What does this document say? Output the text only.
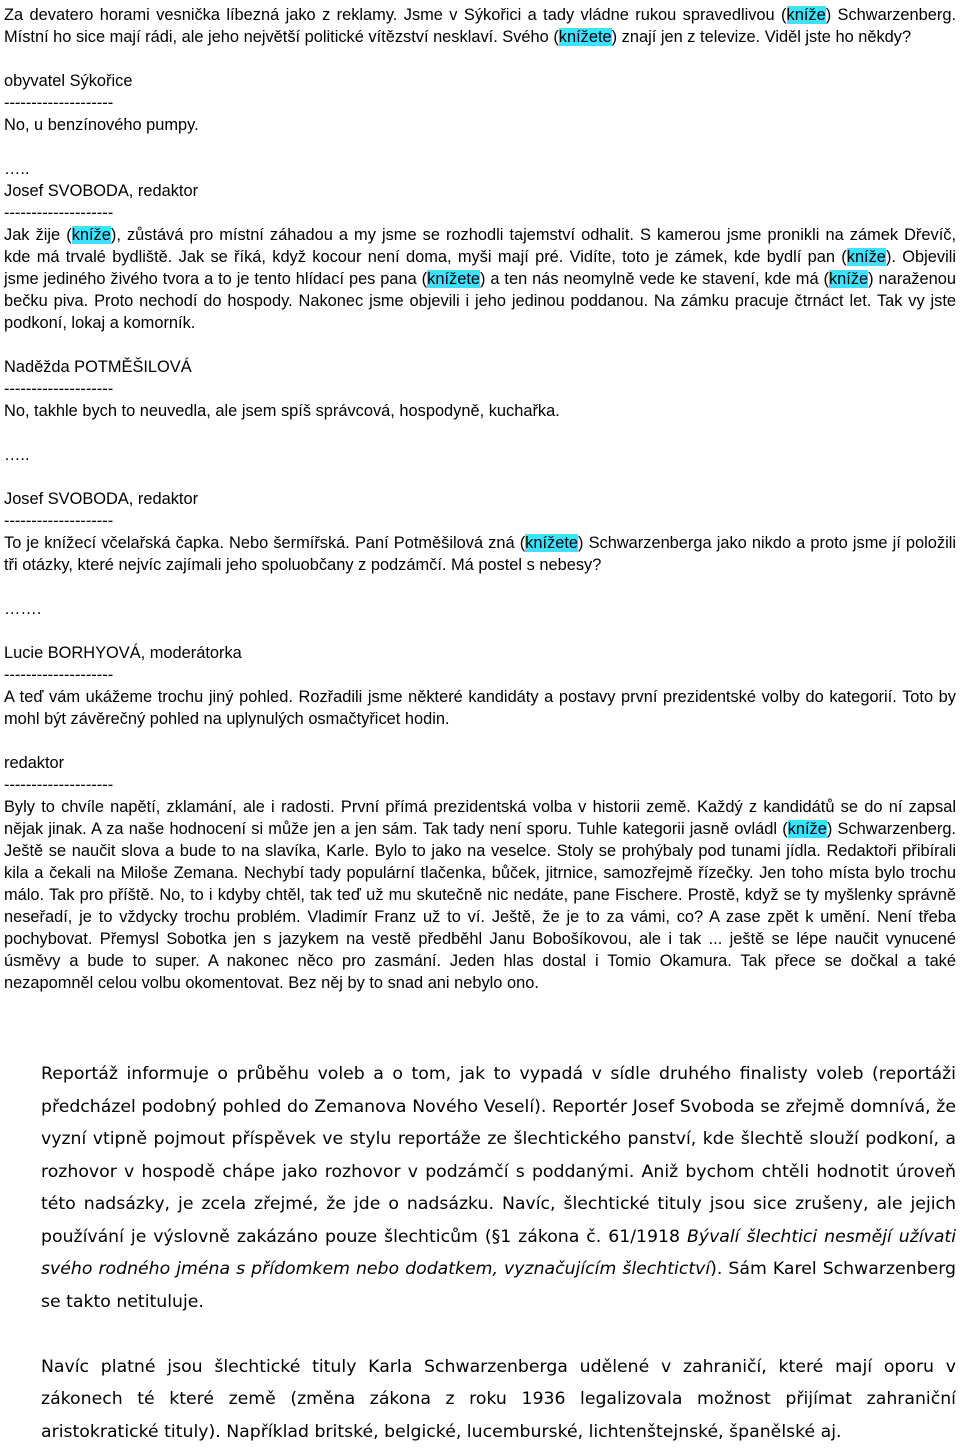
Za devatero horami vesnička líbezná jako z reklamy. Jsme v Sýkořici a tady vládne rukou spravedlivou (kníže) Schwarzenberg. Místní ho sice mají rádi, ale jeho největší politické vítězství nesklaví. Svého (knížete) znají jen z televize. Viděl jste ho někdy?

obyvatel Sýkořice

--------------------

No, u benzínového pumpy.

…..

Josef SVOBODA, redaktor

--------------------

Jak žije (kníže), zůstává pro místní záhadou a my jsme se rozhodli tajemství odhalit. S kamerou jsme pronikli na zámek Dřevíč, kde má trvalé bydliště. Jak se říká, když kocour není doma, myši mají pré. Vidíte, toto je zámek, kde bydlí pan (kníže). Objevili jsme jediného živého tvora a to je tento hlídací pes pana (knížete) a ten nás neomylně vede ke stavení, kde má (kníže) naraženou bečku piva. Proto nechodí do hospody. Nakonec jsme objevili i jeho jedinou poddanou. Na zámku pracuje čtrnáct let. Tak vy jste podkoní, lokaj a komorník.

Naděžda POTMĚŠILOVÁ

--------------------

No, takhle bych to neuvedla, ale jsem spíš správcová, hospodyně, kuchařka.

…..

Josef SVOBODA, redaktor

--------------------

To je knížecí včelařská čapka. Nebo šermířská. Paní Potměšilová zná (knížete) Schwarzenberga jako nikdo a proto jsme jí položili tři otázky, které nejvíc zajímali jeho spoluobčany z podzámčí. Má postel s nebesy?

…….

Lucie BORHYOVÁ, moderátorka

--------------------

A teď vám ukážeme trochu jiný pohled. Rozřadili jsme některé kandidáty a postavy první prezidentské volby do kategorií. Toto by mohl být závěrečný pohled na uplynulých osmačtyřicet hodin.

redaktor

--------------------

Byly to chvíle napětí, zklamání, ale i radosti. První přímá prezidentská volba v historii země. Každý z kandidátů se do ní zapsal nějak jinak. A za naše hodnocení si může jen a jen sám. Tak tady není sporu. Tuhle kategorii jasně ovládl (kníže) Schwarzenberg. Ještě se naučit slova a bude to na slavíka, Karle. Bylo to jako na veselce. Stoly se prohýbaly pod tunami jídla. Redaktoři přibírali kila a čekali na Miloše Zemana. Nechybí tady populární tlačenka, bůček, jitrnice, samozřejmě řízečky. Jen toho místa bylo trochu málo. Tak pro příště. No, to i kdyby chtěl, tak teď už mu skutečně nic nedáte, pane Fischere. Prostě, když se ty myšlenky správně neseřadí, je to vždycky trochu problém. Vladimír Franz už to ví. Ještě, že je to za vámi, co? A zase zpět k umění. Není třeba pochybovat. Přemysl Sobotka jen s jazykem na vestě předběhl Janu Bobošíkovou, ale i tak ... ještě se lépe naučit vynucené úsměvy a bude to super. A nakonec něco pro zasmání. Jeden hlas dostal i Tomio Okamura. Tak přece se dočkal a také nezapomněl celou volbu okomentovat. Bez něj by to snad ani nebylo ono.

Reportáž informuje o průběhu voleb a o tom, jak to vypadá v sídle druhého finalisty voleb (reportáži předcházel podobný pohled do Zemanova Nového Veselí). Reportér Josef Svoboda se zřejmě domnívá, že vyzní vtipně pojmout příspěvek ve stylu reportáže ze šlechtického panství, kde šlechtě slouží podkoní, a rozhovor v hospodě chápe jako rozhovor v podzámčí s poddanými. Aniž bychom chtěli hodnotit úroveň této nadsázky, je zcela zřejmé, že jde o nadsázku. Navíc, šlechtické tituly jsou sice zrušeny, ale jejich používání je výslovně zakázáno pouze šlechticům (§1 zákona č. 61/1918 Bývalí šlechtici nesmějí užívati svého rodného jména s přídomkem nebo dodatkem, vyznačujícím šlechtictví). Sám Karel Schwarzenberg se takto netituluje.

Navíc platné jsou šlechtické tituly Karla Schwarzenberga udělené v zahraničí, které mají oporu v zákonech té které země (změna zákona z roku 1936 legalizovala možnost přijímat zahraniční aristokratické tituly). Například britské, belgické, lucemburské, lichtenštejnské, španělské aj.
